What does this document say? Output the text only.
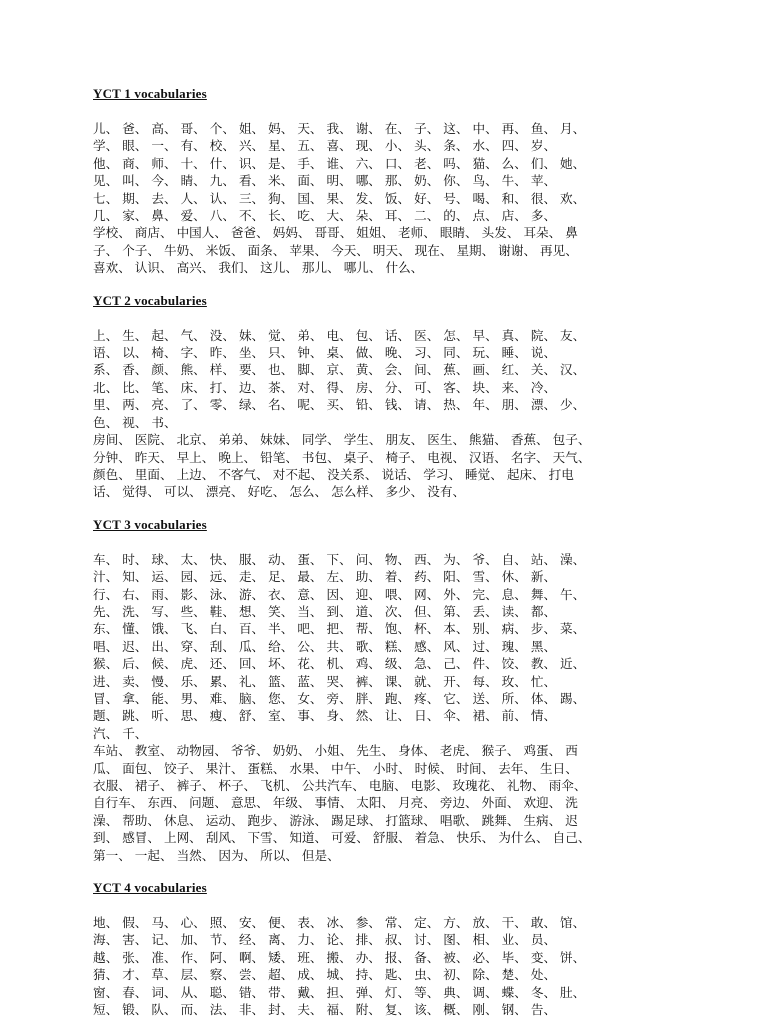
YCT 1 vocabularies

儿、 爸、 高、 哥、 个、 姐、 妈、 天、 我、 谢、 在、 子、 这、 中、 再、 鱼、 月、
学、 眼、 一、 有、 校、 兴、 星、 五、 喜、 现、 小、 头、 条、 水、 四、 岁、
他、 商、 师、 十、 什、 识、 是、 手、 谁、 六、 口、 老、 吗、 猫、 么、 们、 她、
见、 叫、 今、 睛、 九、 看、 米、 面、 明、 哪、 那、 奶、 你、 鸟、 牛、 苹、
七、 期、 去、 人、 认、 三、 狗、 国、 果、 发、 饭、 好、 号、 喝、 和、 很、 欢、
几、 家、 鼻、 爱、 八、 不、 长、 吃、 大、 朵、 耳、 二、 的、 点、 店、 多、
学校、 商店、 中国人、 爸爸、 妈妈、 哥哥、 姐姐、 老师、 眼睛、 头发、 耳朵、 鼻
子、 个子、 牛奶、 米饭、 面条、 苹果、 今天、 明天、 现在、 星期、 谢谢、 再见、
喜欢、 认识、 高兴、 我们、 这儿、 那儿、 哪儿、 什么、

YCT 2 vocabularies

上、 生、 起、 气、 没、 妹、 觉、 弟、 电、 包、 话、 医、 怎、 早、 真、 院、 友、
语、 以、 椅、 字、 昨、 坐、 只、 钟、 桌、 做、 晚、 习、 同、 玩、 睡、 说、
系、 香、 颜、 熊、 样、 要、 也、 脚、 京、 黄、 会、 间、 蕉、 画、 红、 关、 汉、
北、 比、 笔、 床、 打、 边、 茶、 对、 得、 房、 分、 可、 客、 块、 来、 冷、
里、 两、 亮、 了、 零、 绿、 名、 呢、 买、 铅、 钱、 请、 热、 年、 朋、 漂、 少、
色、 视、 书、
房间、 医院、 北京、 弟弟、 妹妹、 同学、 学生、 朋友、 医生、 熊猫、 香蕉、 包子、
分钟、 昨天、 早上、 晚上、 铅笔、 书包、 桌子、 椅子、 电视、 汉语、 名字、 天气、
颜色、 里面、 上边、 不客气、 对不起、 没关系、 说话、 学习、 睡觉、 起床、 打电
话、 觉得、 可以、 漂亮、 好吃、 怎么、 怎么样、 多少、 没有、

YCT 3 vocabularies

车、 时、 球、 太、 快、 服、 动、 蛋、 下、 问、 物、 西、 为、 爷、 自、 站、 澡、
汁、 知、 运、 园、 远、 走、 足、 最、 左、 助、 着、 药、 阳、 雪、 休、 新、
行、 右、 雨、 影、 泳、 游、 衣、 意、 因、 迎、 喂、 网、 外、 完、 息、 舞、 午、
先、 洗、 写、 些、 鞋、 想、 笑、 当、 到、 道、 次、 但、 第、 丢、 读、 都、
东、 懂、 饿、 飞、 白、 百、 半、 吧、 把、 帮、 饱、 杯、 本、 别、 病、 步、 菜、
唱、 迟、 出、 穿、 刮、 瓜、 给、 公、 共、 歌、 糕、 感、 风、 过、 瑰、 黑、
猴、 后、 候、 虎、 还、 回、 坏、 花、 机、 鸡、 级、 急、 己、 件、 饺、 教、 近、
进、 卖、 慢、 乐、 累、 礼、 篮、 蓝、 哭、 裤、 课、 就、 开、 每、 玫、 忙、
冒、 拿、 能、 男、 难、 脑、 您、 女、 旁、 胖、 跑、 疼、 它、 送、 所、 体、 踢、
题、 跳、 听、 思、 瘦、 舒、 室、 事、 身、 然、 让、 日、 伞、 裙、 前、 情、
汽、 千、
车站、 教室、 动物园、 爷爷、 奶奶、 小姐、 先生、 身体、 老虎、 猴子、 鸡蛋、 西
瓜、 面包、 饺子、 果汁、 蛋糕、 水果、 中午、 小时、 时候、 时间、 去年、 生日、
衣服、 裙子、 裤子、 杯子、 飞机、 公共汽车、 电脑、 电影、 玫瑰花、 礼物、 雨伞、
自行车、 东西、 问题、 意思、 年级、 事情、 太阳、 月亮、 旁边、 外面、 欢迎、 洗
澡、 帮助、 休息、 运动、 跑步、 游泳、 踢足球、 打篮球、 唱歌、 跳舞、 生病、 迟
到、 感冒、 上网、 刮风、 下雪、 知道、 可爱、 舒服、 着急、 快乐、 为什么、 自己、
第一、 一起、 当然、 因为、 所以、 但是、

YCT 4 vocabularies

地、 假、 马、 心、 照、 安、 便、 表、 冰、 参、 常、 定、 方、 放、 干、 敢、 馆、
海、 害、 记、 加、 节、 经、 离、 力、 论、 排、 叔、 讨、 图、 相、 业、 员、
越、 张、 准、 作、 阿、 啊、 矮、 班、 搬、 办、 报、 备、 被、 必、 毕、 变、 饼、
猜、 才、 草、 层、 察、 尝、 超、 成、 城、 持、 匙、 虫、 初、 除、 楚、 处、
窗、 春、 词、 从、 聪、 错、 带、 戴、 担、 弹、 灯、 等、 典、 调、 蝶、 冬、 肚、
短、 锻、 队、 而、 法、 非、 封、 夫、 福、 附、 复、 该、 概、 刚、 钢、 告、
